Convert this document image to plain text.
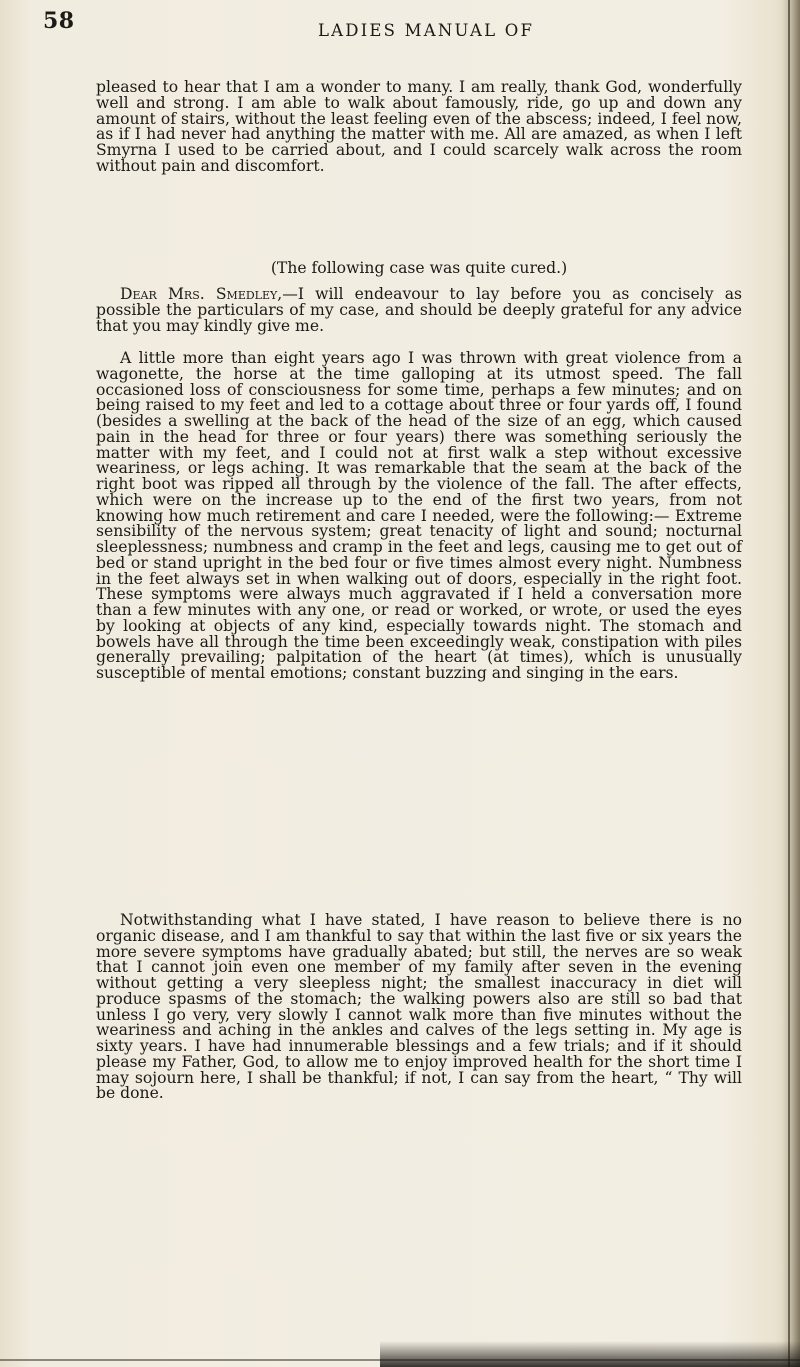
58	LADIES MANUAL OF
pleased to hear that I am a wonder to many. I am really, thank God, wonderfully well and strong. I am able to walk about famously, ride, go up and down any amount of stairs, without the least feeling even of the abscess; indeed, I feel now, as if I had never had anything the matter with me. All are amazed, as when I left Smyrna I used to be carried about, and I could scarcely walk across the room without pain and discomfort.
(The following case was quite cured.)
Dear Mrs. Smedley,—I will endeavour to lay before you as concisely as possible the particulars of my case, and should be deeply grateful for any advice that you may kindly give me.
A little more than eight years ago I was thrown with great violence from a wagonette, the horse at the time galloping at its utmost speed. The fall occasioned loss of consciousness for some time, perhaps a few minutes; and on being raised to my feet and led to a cottage about three or four yards off, I found (besides a swelling at the back of the head of the size of an egg, which caused pain in the head for three or four years) there was something seriously the matter with my feet, and I could not at first walk a step without excessive weariness, or legs aching. It was remarkable that the seam at the back of the right boot was ripped all through by the violence of the fall. The after effects, which were on the increase up to the end of the first two years, from not knowing how much retirement and care I needed, were the following:— Extreme sensibility of the nervous system; great tenacity of light and sound; nocturnal sleeplessness; numbness and cramp in the feet and legs, causing me to get out of bed or stand upright in the bed four or five times almost every night. Numbness in the feet always set in when walking out of doors, especially in the right foot. These symptoms were always much aggravated if I held a conversation more than a few minutes with any one, or read or worked, or wrote, or used the eyes by looking at objects of any kind, especially towards night. The stomach and bowels have all through the time been exceedingly weak, constipation with piles generally prevailing; palpitation of the heart (at times), which is unusually susceptible of mental emotions; constant buzzing and singing in the ears.
Notwithstanding what I have stated, I have reason to believe there is no organic disease, and I am thankful to say that within the last five or six years the more severe symptoms have gradually abated; but still, the nerves are so weak that I cannot join even one member of my family after seven in the evening without getting a very sleepless night; the smallest inaccuracy in diet will produce spasms of the stomach; the walking powers also are still so bad that unless I go very, very slowly I cannot walk more than five minutes without the weariness and aching in the ankles and calves of the legs setting in. My age is sixty years. I have had innumerable blessings and a few trials; and if it should please my Father, God, to allow me to enjoy improved health for the short time I may sojourn here, I shall be thankful; if not, I can say from the heart, “ Thy will be done.
